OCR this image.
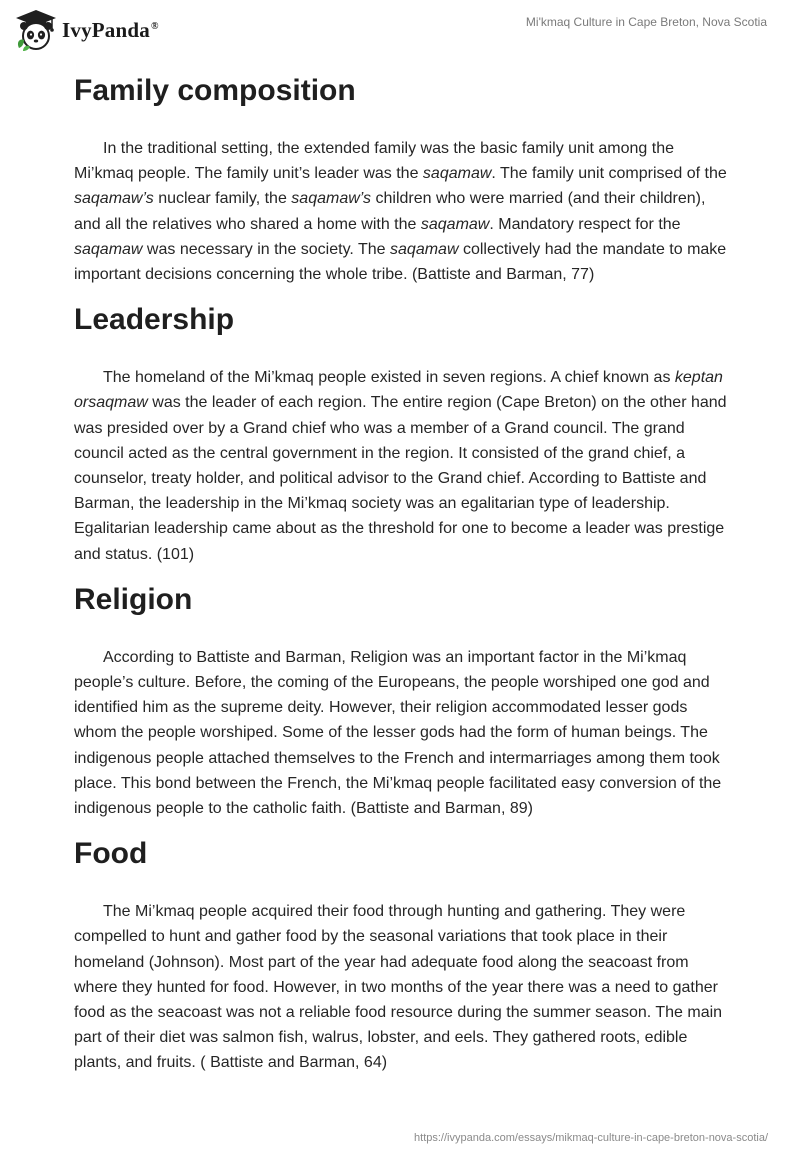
IvyPanda®	Mi'kmaq Culture in Cape Breton, Nova Scotia
Family composition

In the traditional setting, the extended family was the basic family unit among the Mi’kmaq people. The family unit’s leader was the saqamaw. The family unit comprised of the saqamaw’s nuclear family, the saqamaw’s children who were married (and their children), and all the relatives who shared a home with the saqamaw. Mandatory respect for the saqamaw was necessary in the society. The saqamaw collectively had the mandate to make important decisions concerning the whole tribe. (Battiste and Barman, 77)

Leadership

The homeland of the Mi’kmaq people existed in seven regions. A chief known as keptan orsaqmaw was the leader of each region. The entire region (Cape Breton) on the other hand was presided over by a Grand chief who was a member of a Grand council. The grand council acted as the central government in the region. It consisted of the grand chief, a counselor, treaty holder, and political advisor to the Grand chief. According to Battiste and Barman, the leadership in the Mi’kmaq society was an egalitarian type of leadership. Egalitarian leadership came about as the threshold for one to become a leader was prestige and status. (101)

Religion

According to Battiste and Barman, Religion was an important factor in the Mi’kmaq people’s culture. Before, the coming of the Europeans, the people worshiped one god and identified him as the supreme deity. However, their religion accommodated lesser gods whom the people worshiped. Some of the lesser gods had the form of human beings. The indigenous people attached themselves to the French and intermarriages among them took place. This bond between the French, the Mi’kmaq people facilitated easy conversion of the indigenous people to the catholic faith. (Battiste and Barman, 89)

Food

The Mi’kmaq people acquired their food through hunting and gathering. They were compelled to hunt and gather food by the seasonal variations that took place in their homeland (Johnson). Most part of the year had adequate food along the seacoast from where they hunted for food. However, in two months of the year there was a need to gather food as the seacoast was not a reliable food resource during the summer season. The main part of their diet was salmon fish, walrus, lobster, and eels. They gathered roots, edible plants, and fruits. ( Battiste and Barman, 64)

https://ivypanda.com/essays/mikmaq-culture-in-cape-breton-nova-scotia/
